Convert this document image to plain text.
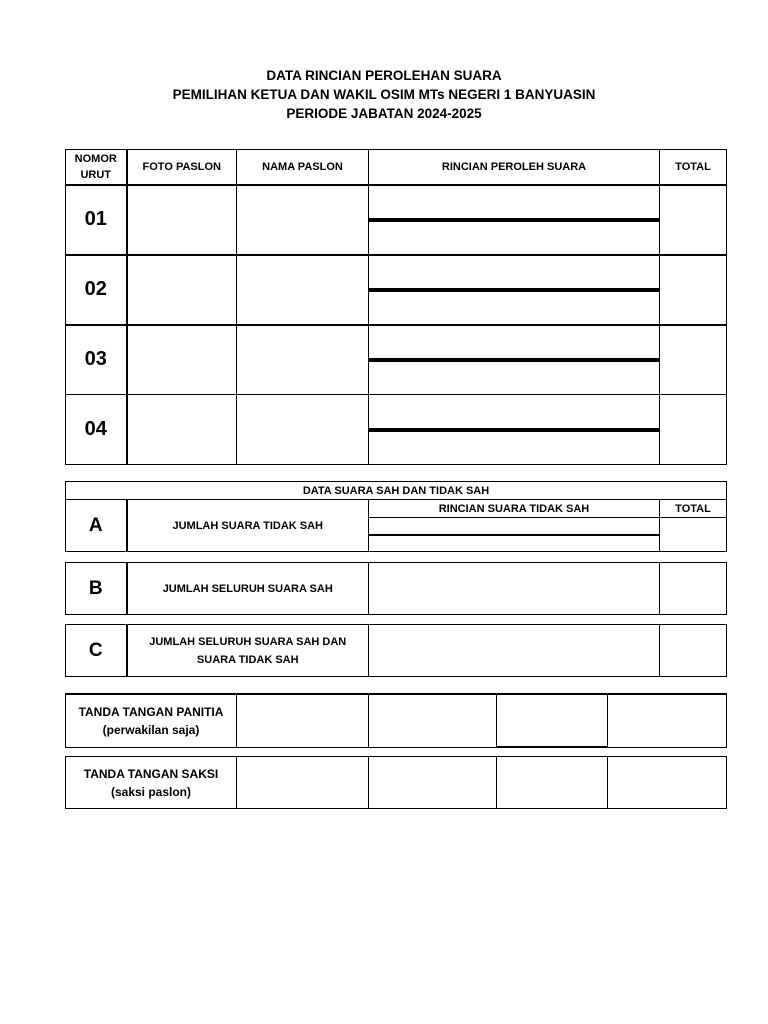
DATA RINCIAN PEROLEHAN SUARA
PEMILIHAN KETUA DAN WAKIL OSIM MTs NEGERI 1 BANYUASIN
PERIODE JABATAN 2024-2025
NOMOR
URUT	FOTO PASLON	NAMA PASLON	RINCIAN PEROLEH SUARA	TOTAL
01			

02			

03			

04			

DATA SUARA SAH DAN TIDAK SAH			
A	JUMLAH SUARA TIDAK SAH	RINCIAN SUARA TIDAK SAH	TOTAL

B	JUMLAH SELURUH SUARA SAH		
C	JUMLAH SELURUH SUARA SAH DAN
SUARA TIDAK SAH

TANDA TANGAN PANITIA
(perwakilan saja)

TANDA TANGAN SAKSI
(saksi paslon)
